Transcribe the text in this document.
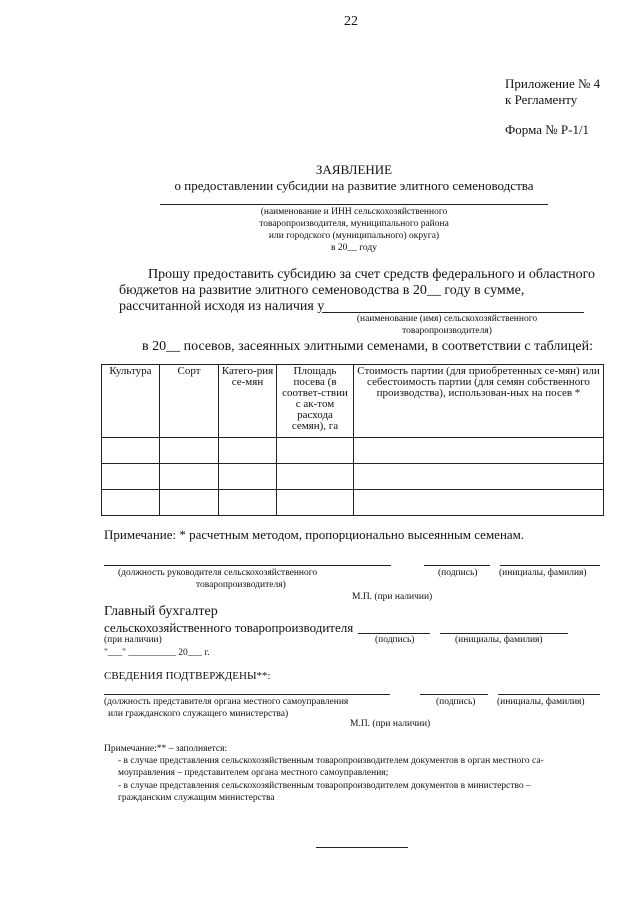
22
Приложение № 4
к Регламенту
Форма № Р-1/1
ЗАЯВЛЕНИЕ
о предоставлении субсидии на развитие элитного семеноводства
(наименование и ИНН сельскохозяйственного
товаропроизводителя, муниципального района
или городского (муниципального) округа)
в 20__ году
Прошу предоставить субсидию за счет средств федерального и областного
бюджетов на развитие элитного семеноводства в 20__ году в сумме,
рассчитанной исходя из наличия у
(наименование (имя) сельскохозяйственного
товаропроизводителя)
в 20__ посевов, засеянных элитными семенами, в соответствии с таблицей:
Культура	Сорт	Катего-рия се-мян	Площадь посева (в соответ-ствии с ак-том расхода семян), га	Стоимость партии (для приобретенных се-мян) или себестоимость партии (для семян собственного производства), использован-ных на посев *

Примечание: * расчетным методом, пропорционально высеянным семенам.
(должность руководителя сельскохозяйственного
товаропроизводителя)
(подпись) (инициалы, фамилия)
М.П. (при наличии)
Главный бухгалтер
сельскохозяйственного товаропроизводителя
(при наличии)	(подпись)	(инициалы, фамилия)
"___" __________ 20___ г.
СВЕДЕНИЯ ПОДТВЕРЖДЕНЫ**:
(должность представителя органа местного самоуправления
или гражданского служащего министерства)
(подпись) (инициалы, фамилия)
М.П. (при наличии)
Примечание:** – заполняется:
- в случае представления сельскохозяйственным товаропроизводителем документов в орган местного са-
моуправления – представителем органа местного самоуправления;
- в случае представления сельскохозяйственным товаропроизводителем документов в министерство –
гражданским служащим министерства
